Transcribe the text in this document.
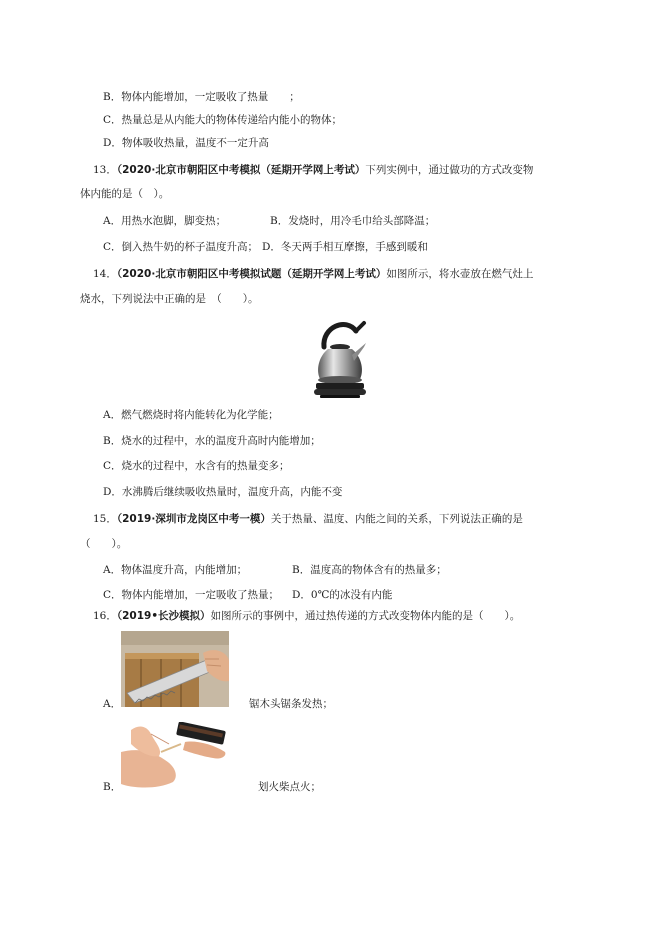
B．物体内能增加，一定吸收了热量　　；
C．热量总是从内能大的物体传递给内能小的物体；
D．物体吸收热量，温度不一定升高
13．（2020·北京市朝阳区中考模拟（延期开学网上考试）下列实例中，通过做功的方式改变物
体内能的是（　）。
A．用热水泡脚，脚变热；	B．发烧时，用冷毛巾给头部降温；
C．倒入热牛奶的杯子温度升高； D．冬天两手相互摩擦，手感到暖和
14．（2020·北京市朝阳区中考模拟试题（延期开学网上考试）如图所示，将水壶放在燃气灶上
烧水，下列说法中正确的是　（　　）。
A．燃气燃烧时将内能转化为化学能；
B．烧水的过程中，水的温度升高时内能增加；
C．烧水的过程中，水含有的热量变多；
D．水沸腾后继续吸收热量时，温度升高，内能不变
15．（2019·深圳市龙岗区中考一模）关于热量、温度、内能之间的关系，下列说法正确的是
（　　）。
A．物体温度升高，内能增加；	B．温度高的物体含有的热量多；
C．物体内能增加，一定吸收了热量； D．0℃的冰没有内能
16．（2019•长沙模拟）如图所示的事例中，通过热传递的方式改变物体内能的是（　　）。
A．	锯木头锯条发热；
B．	划火柴点火；
